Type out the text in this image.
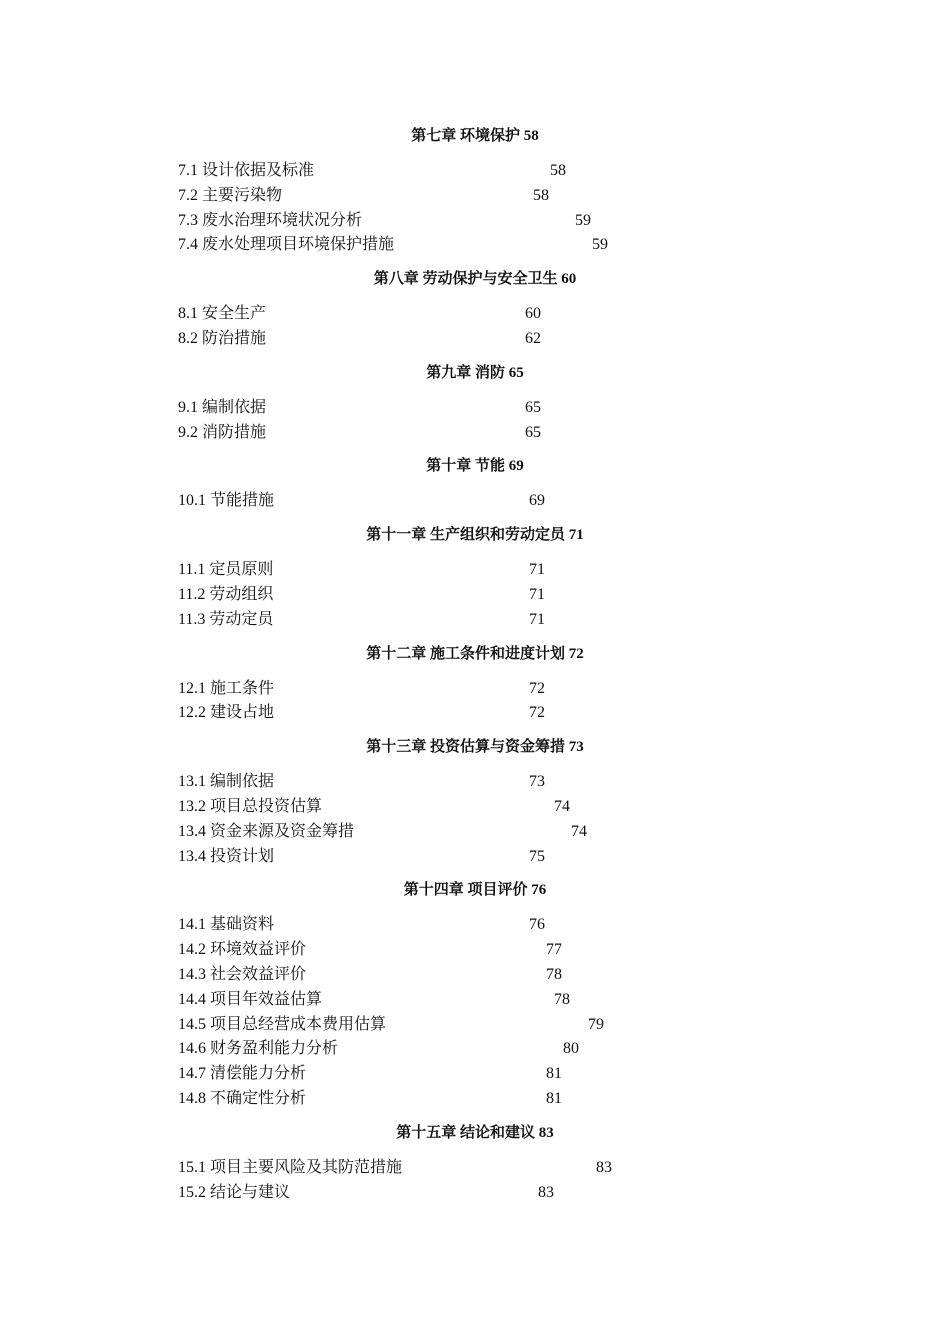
第七章 环境保护 58
7.1 设计依据及标准	58
7.2 主要污染物	58
7.3 废水治理环境状况分析	59
7.4 废水处理项目环境保护措施	59
第八章 劳动保护与安全卫生 60
8.1 安全生产	60
8.2 防治措施	62
第九章 消防 65
9.1 编制依据	65
9.2 消防措施	65
第十章 节能 69
10.1 节能措施	69
第十一章 生产组织和劳动定员 71
11.1 定员原则	71
11.2 劳动组织	71
11.3 劳动定员	71
第十二章 施工条件和进度计划 72
12.1 施工条件	72
12.2 建设占地	72
第十三章 投资估算与资金筹措 73
13.1 编制依据	73
13.2 项目总投资估算	74
13.4 资金来源及资金筹措	74
13.4 投资计划	75
第十四章 项目评价 76
14.1 基础资料	76
14.2 环境效益评价	77
14.3 社会效益评价	78
14.4 项目年效益估算	78
14.5 项目总经营成本费用估算	79
14.6 财务盈利能力分析	80
14.7 清偿能力分析	81
14.8 不确定性分析	81
第十五章 结论和建议 83
15.1 项目主要风险及其防范措施	83
15.2 结论与建议	83
